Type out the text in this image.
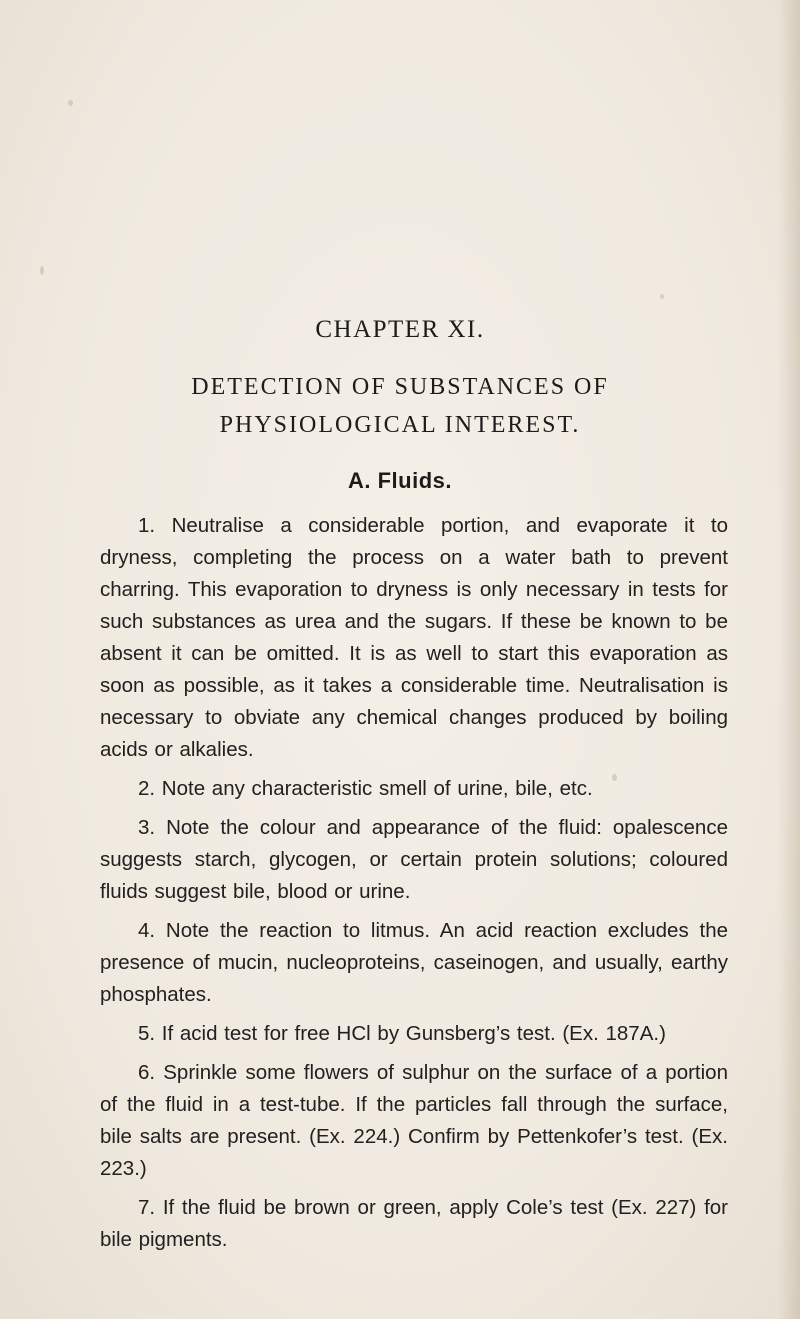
CHAPTER XI.
DETECTION OF SUBSTANCES OF
PHYSIOLOGICAL INTEREST.
A. Fluids.

1. Neutralise a considerable portion, and evaporate it to dryness, completing the process on a water bath to prevent charring. This evaporation to dryness is only necessary in tests for such substances as urea and the sugars. If these be known to be absent it can be omitted. It is as well to start this evaporation as soon as possible, as it takes a considerable time. Neutralisation is necessary to obviate any chemical changes produced by boiling acids or alkalies.

2. Note any characteristic smell of urine, bile, etc.

3. Note the colour and appearance of the fluid: opalescence suggests starch, glycogen, or certain protein solutions; coloured fluids suggest bile, blood or urine.

4. Note the reaction to litmus. An acid reaction excludes the presence of mucin, nucleoproteins, caseinogen, and usually, earthy phosphates.

5. If acid test for free HCl by Gunsberg’s test. (Ex. 187A.)

6. Sprinkle some flowers of sulphur on the surface of a portion of the fluid in a test-tube. If the particles fall through the surface, bile salts are present. (Ex. 224.) Confirm by Pettenkofer’s test. (Ex. 223.)

7. If the fluid be brown or green, apply Cole’s test (Ex. 227) for bile pigments.
